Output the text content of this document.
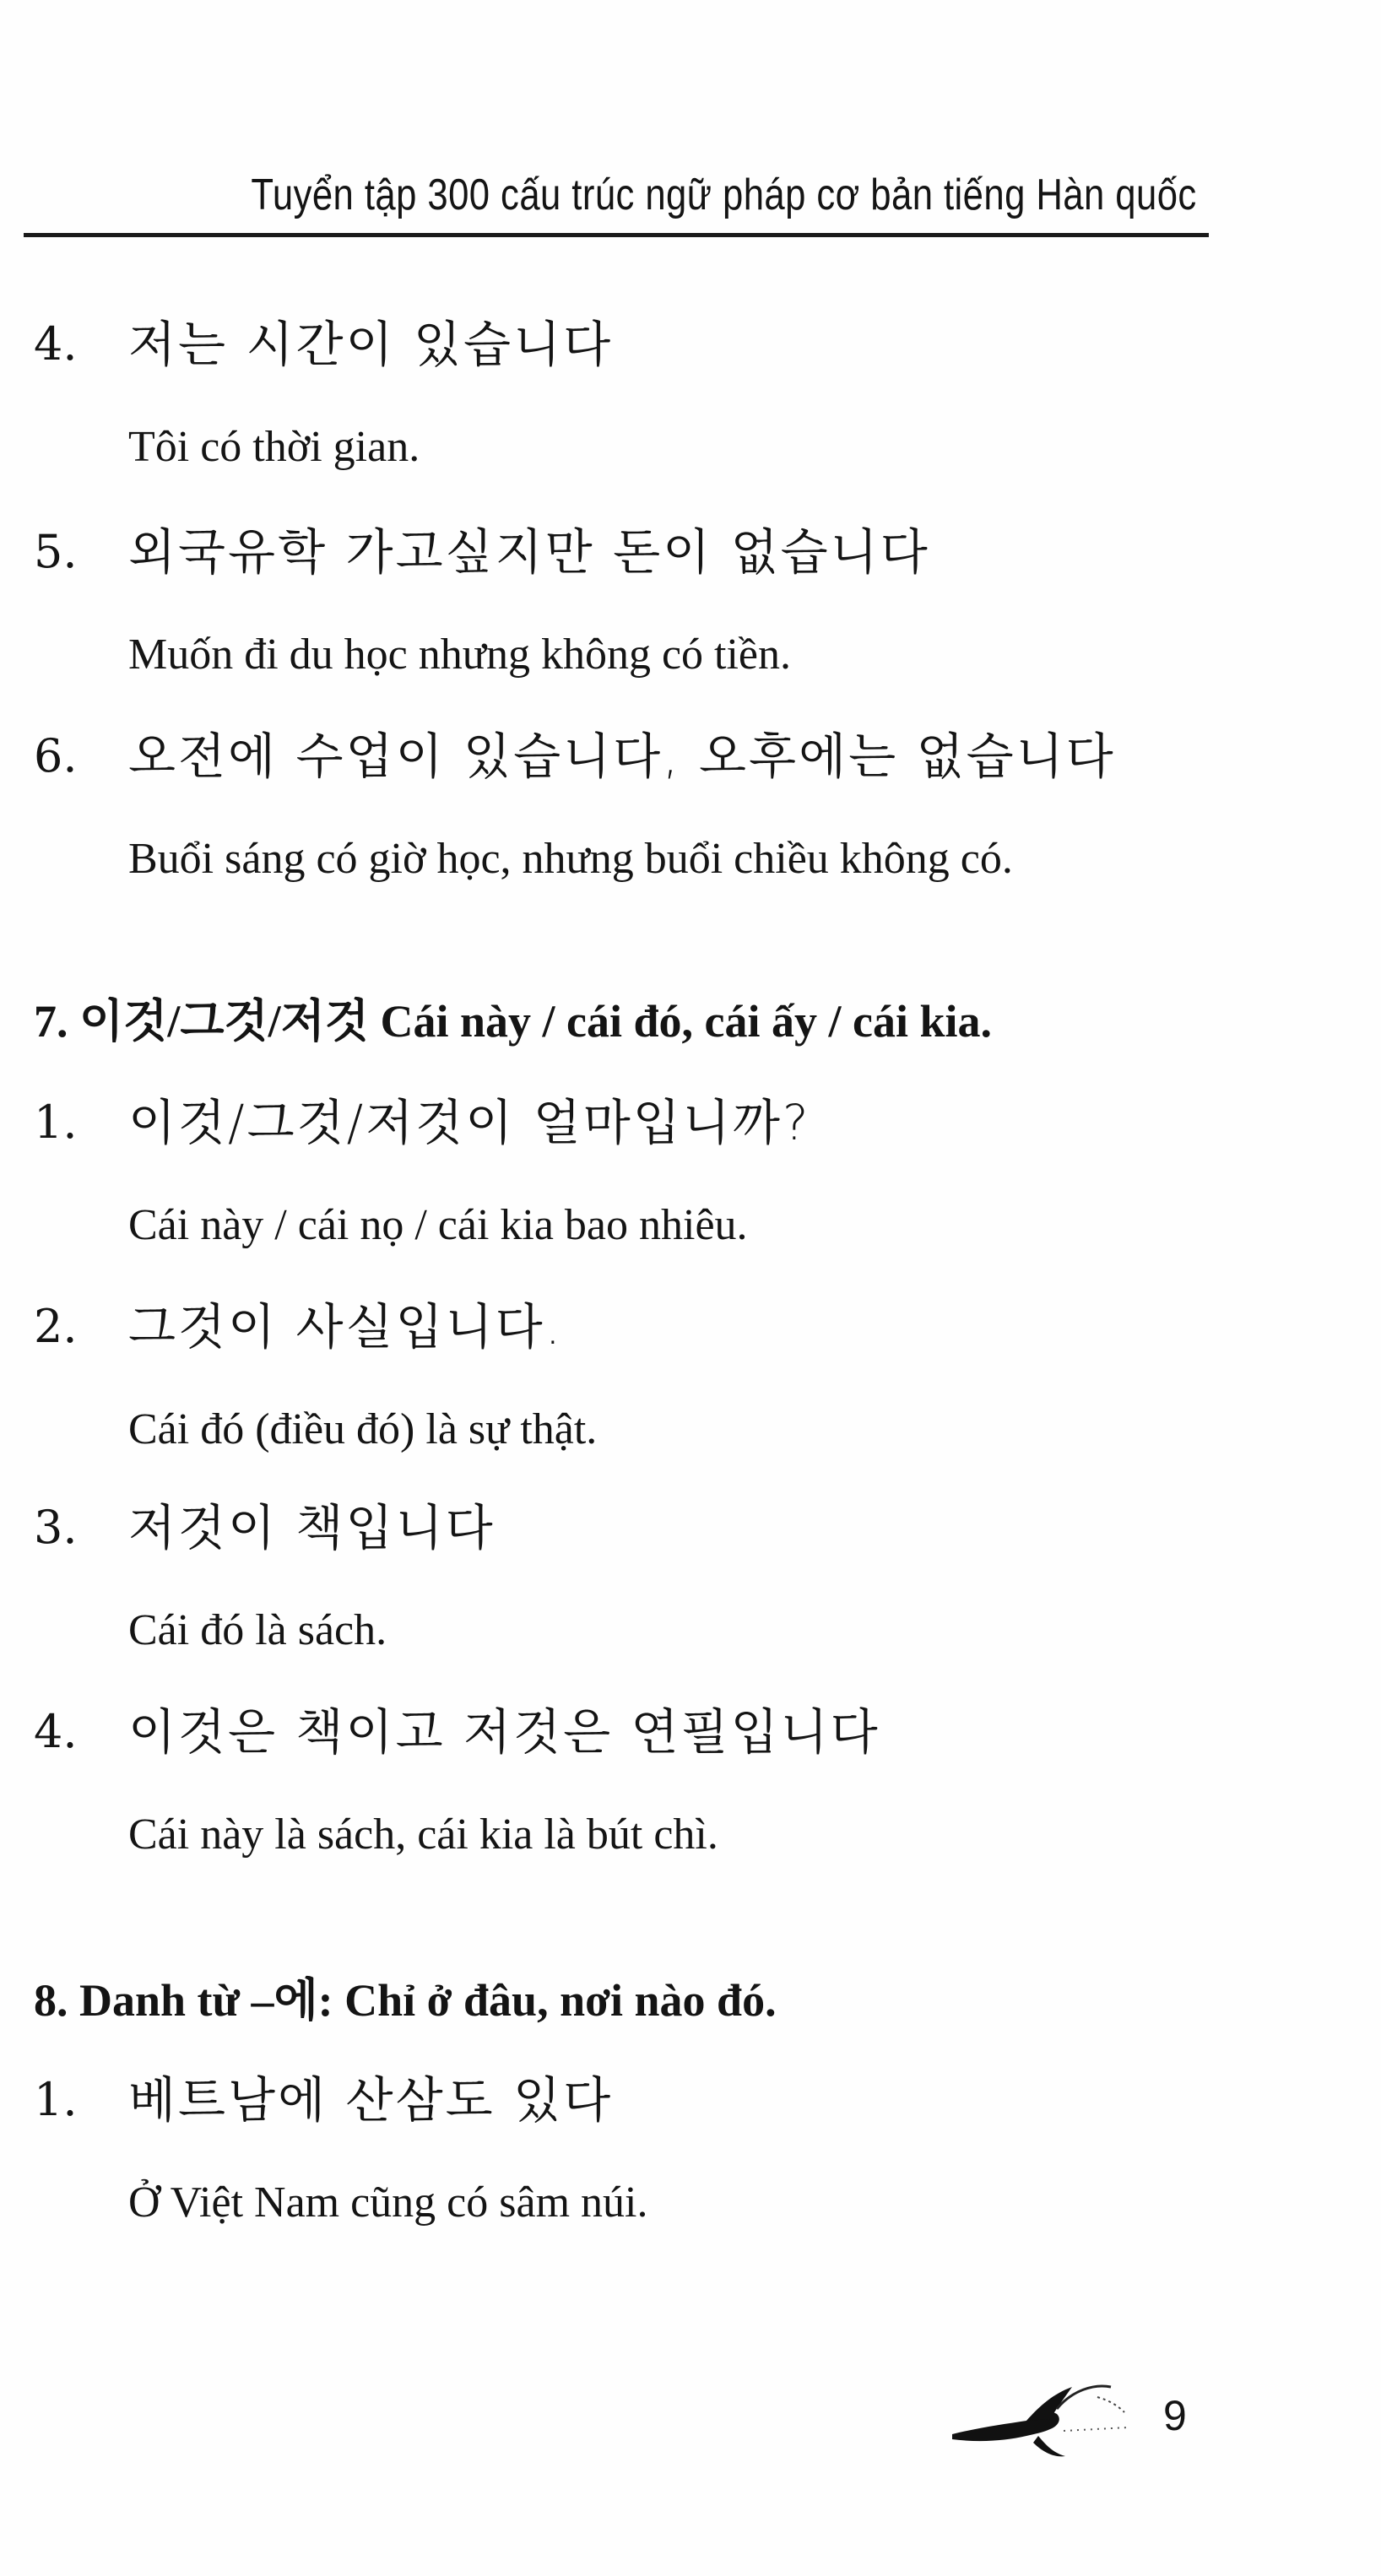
Tuyển tập 300 cấu trúc ngữ pháp cơ bản tiếng Hàn quốc
4. 저는 시간이 있습니다
Tôi có thời gian.
5. 외국유학 가고싶지만 돈이 없습니다
Muốn đi du học nhưng không có tiền.
6. 오전에 수업이 있습니다, 오후에는 없습니다
Buổi sáng có giờ học, nhưng buổi chiều không có.
7. 이것/그것/저것 Cái này / cái đó, cái ấy / cái kia.
1. 이것/그것/저것이 얼마입니까?
Cái này / cái nọ / cái kia bao nhiêu.
2. 그것이 사실입니다.
Cái đó (điều đó) là sự thật.
3. 저것이 책입니다
Cái đó là sách.
4. 이것은 책이고 저것은 연필입니다
Cái này là sách, cái kia là bút chì.
8. Danh từ –에: Chỉ ở đâu, nơi nào đó.
1. 베트남에 산삼도 있다
Ở Việt Nam cũng có sâm núi.
9
